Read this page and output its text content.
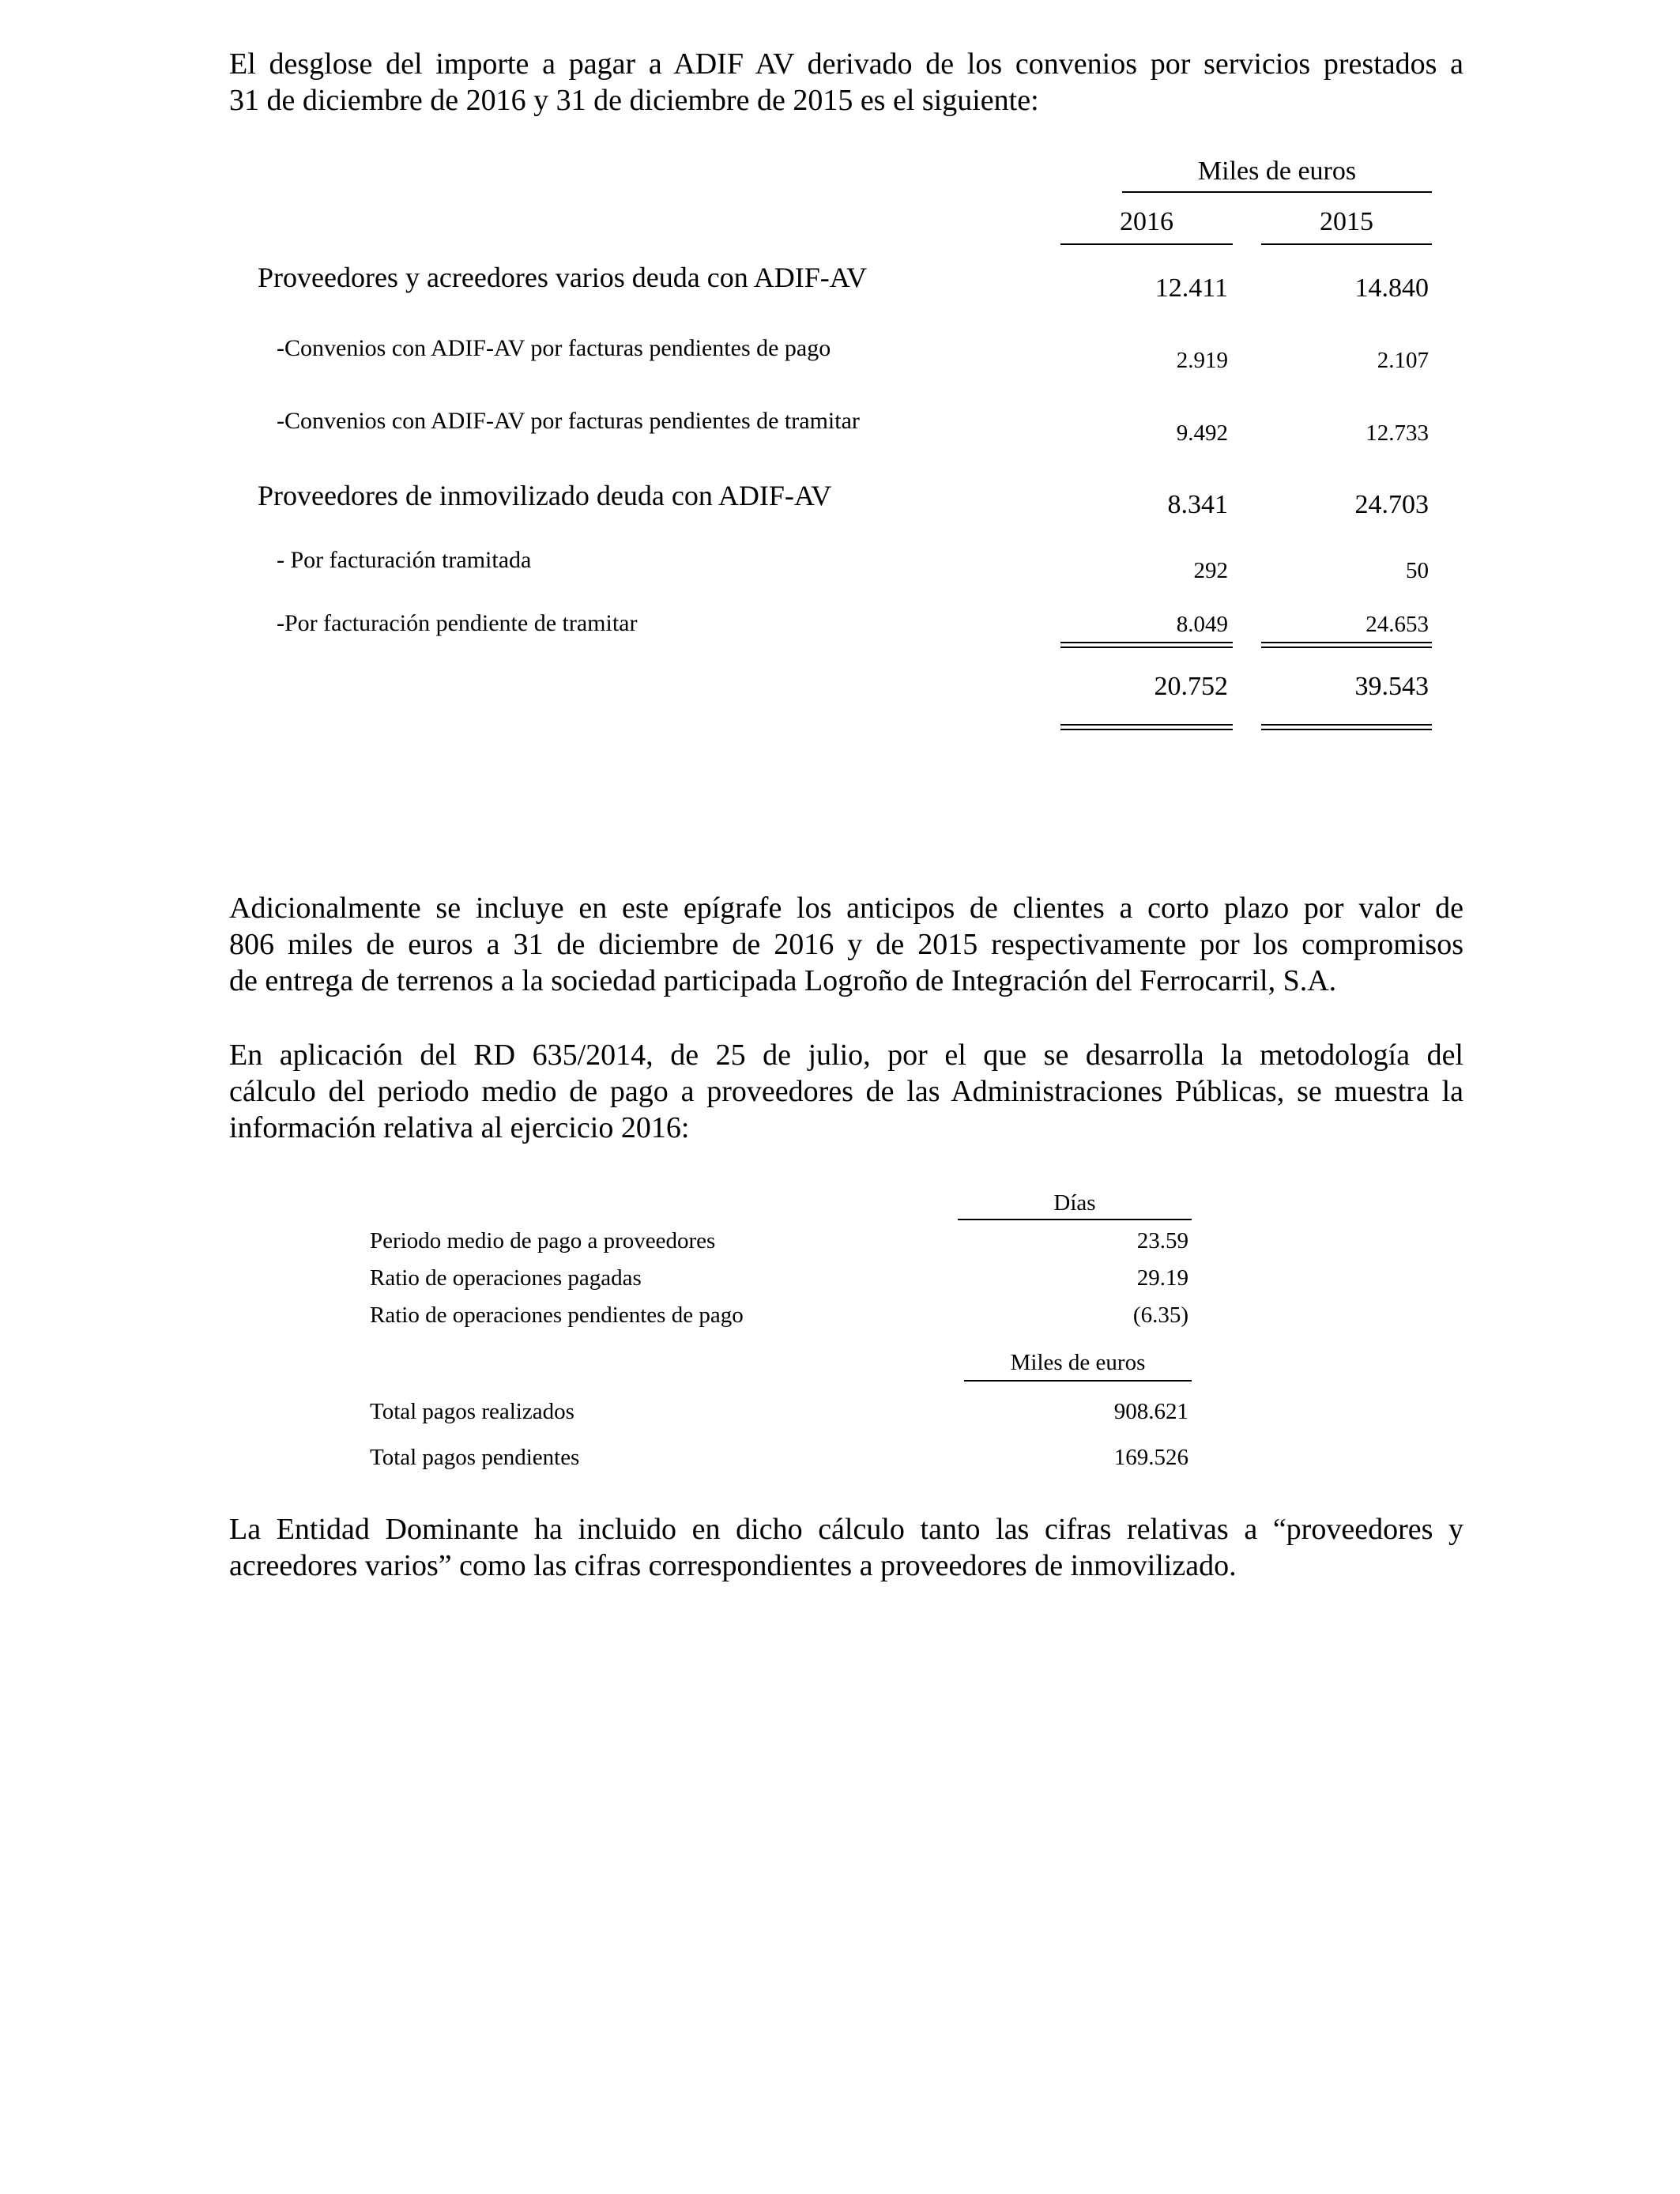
El desglose del importe a pagar a ADIF AV derivado de los convenios por servicios prestados a
31 de diciembre de 2016 y 31 de diciembre de 2015 es el siguiente:

Miles de euros
2016	2015
Proveedores y acreedores varios deuda con ADIF-AV	12.411	14.840
-Convenios con ADIF-AV por facturas pendientes de pago	2.919	2.107
-Convenios con ADIF-AV por facturas pendientes de tramitar	9.492	12.733
Proveedores de inmovilizado deuda con ADIF-AV	8.341	24.703
- Por facturación tramitada	292	50
-Por facturación pendiente de tramitar	8.049	24.653
20.752	39.543

Adicionalmente se incluye en este epígrafe los anticipos de clientes a corto plazo por valor de
806 miles de euros a 31 de diciembre de 2016 y de 2015 respectivamente por los compromisos
de entrega de terrenos a la sociedad participada Logroño de Integración del Ferrocarril, S.A.

En aplicación del RD 635/2014, de 25 de julio, por el que se desarrolla la metodología del
cálculo del periodo medio de pago a proveedores de las Administraciones Públicas, se muestra la
información relativa al ejercicio 2016:

Días
Periodo medio de pago a proveedores	23.59
Ratio de operaciones pagadas	29.19
Ratio de operaciones pendientes de pago	(6.35)
Miles de euros
Total pagos realizados	908.621
Total pagos pendientes	169.526

La Entidad Dominante ha incluido en dicho cálculo tanto las cifras relativas a “proveedores y
acreedores varios” como las cifras correspondientes a proveedores de inmovilizado.
